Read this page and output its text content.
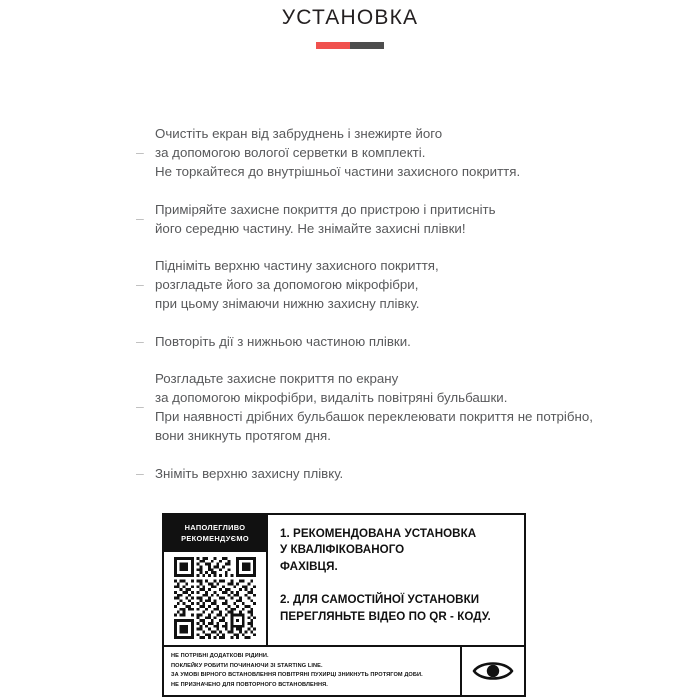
УСТАНОВКА
–
Очистіть екран від забруднень і знежирте його
за допомогою вологої серветки в комплекті.
Не торкайтеся до внутрішньої частини захисного покриття.
–
Приміряйте захисне покриття до пристрою і притисніть
його середню частину. Не знімайте захисні плівки!
–
Підніміть верхню частину захисного покриття,
розгладьте його за допомогою мікрофібри,
при цьому знімаючи нижню захисну плівку.
–
Повторіть дії з нижньою частиною плівки.
–
Розгладьте захисне покриття по екрану
за допомогою мікрофібри, видаліть повітряні бульбашки.
При наявності дрібних бульбашок переклеювати покриття не потрібно,
вони зникнуть протягом дня.
–
Зніміть верхню захисну плівку.
НАПОЛЕГЛИВО
РЕКОМЕНДУЄМО	1. РЕКОМЕНДОВАНА УСТАНОВКА
У КВАЛІФІКОВАНОГО
ФАХІВЦЯ.
2. ДЛЯ САМОСТІЙНОЇ УСТАНОВКИ
ПЕРЕГЛЯНЬТЕ ВІДЕО ПО QR - КОДУ.
НЕ ПОТРІБНІ ДОДАТКОВІ РІДИНИ.
ПОКЛЕЙКУ РОБИТИ ПОЧИНАЮЧИ ЗІ STARTING LINE.
ЗА УМОВІ ВІРНОГО ВСТАНОВЛЕННЯ ПОВІТРЯНІ ПУХИРЦІ ЗНИКНУТЬ ПРОТЯГОМ ДОБИ.
НЕ ПРИЗНАЧЕНО ДЛЯ ПОВТОРНОГО ВСТАНОВЛЕННЯ.
